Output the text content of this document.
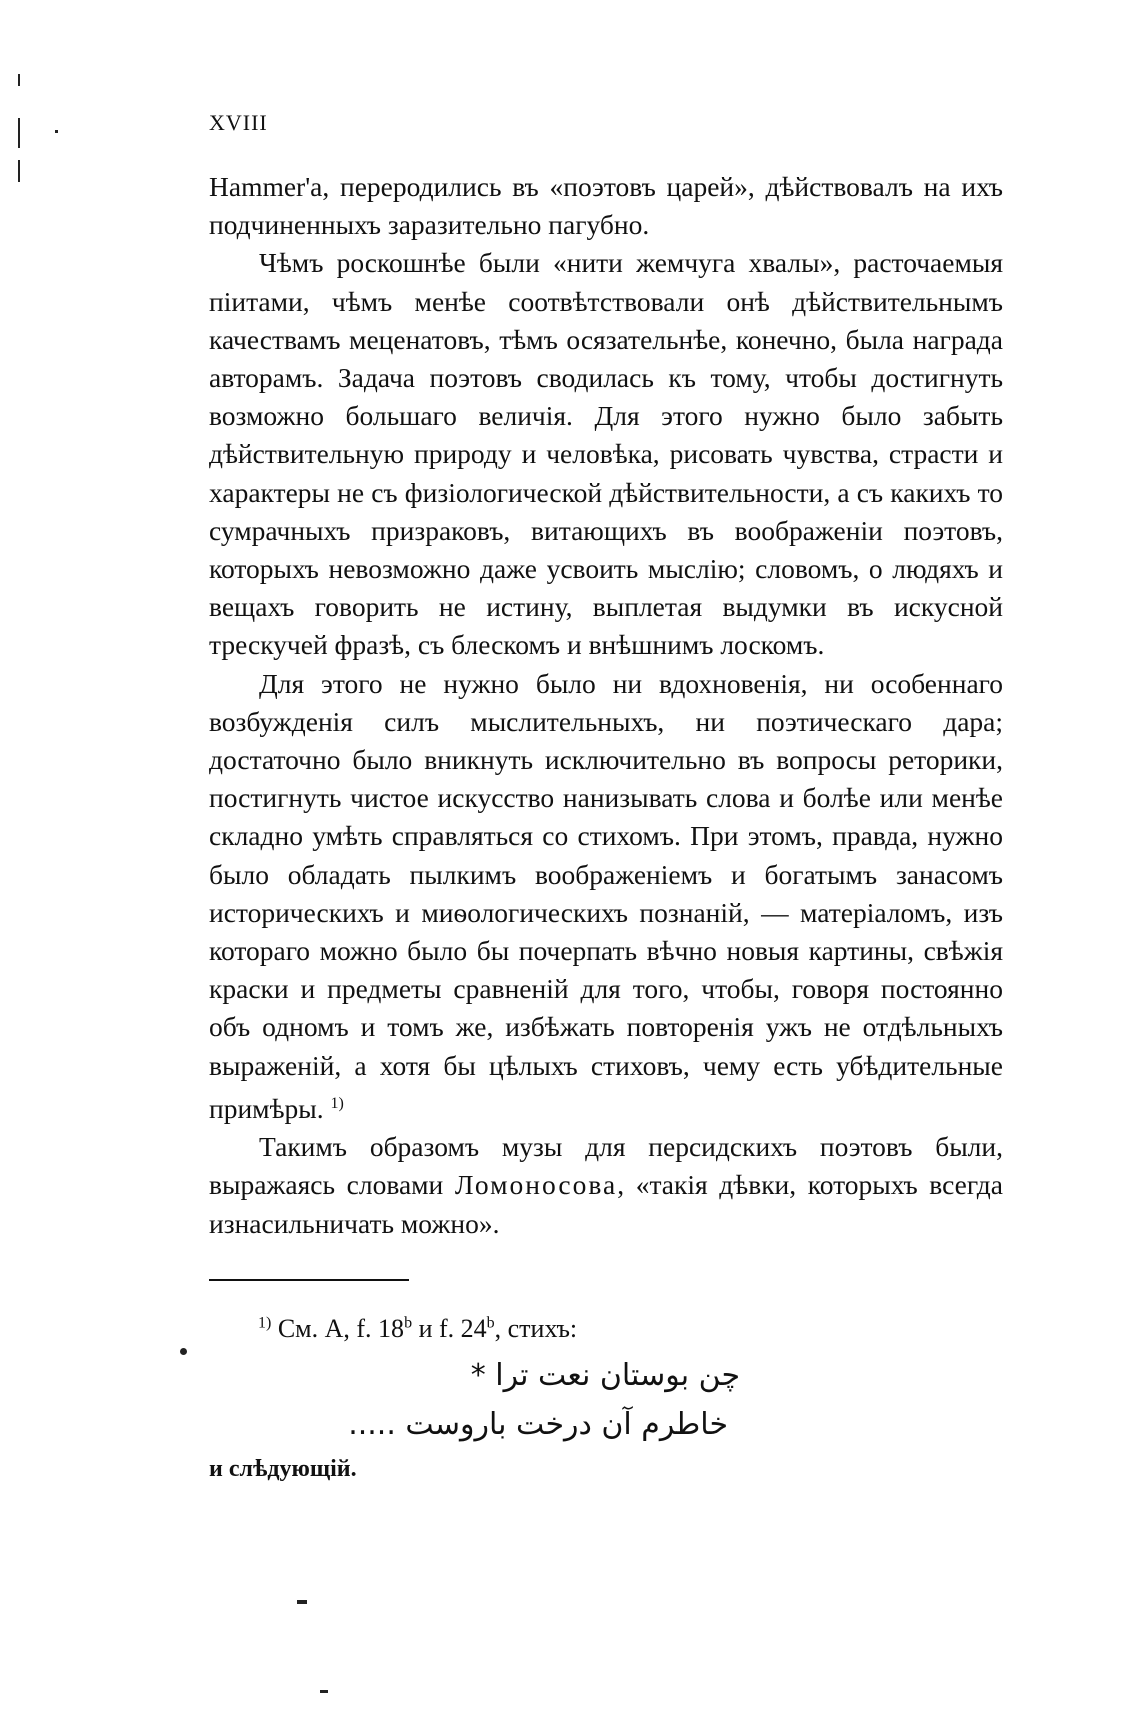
XVIII

Hammer'a, переродились въ «поэтовъ царей», дѣйствовалъ на ихъ подчиненныхъ заразительно пагубно.

Чѣмъ роскошнѣе были «нити жемчуга хвалы», расточаемыя піитами, чѣмъ менѣе соотвѣтствовали онѣ дѣйствительнымъ качествамъ меценатовъ, тѣмъ осязательнѣе, конечно, была награда авторамъ. Задача поэтовъ сводилась къ тому, чтобы достигнуть возможно большаго величія. Для этого нужно было забыть дѣйствительную природу и человѣка, рисовать чувства, страсти и характеры не съ физіологической дѣйствительности, а съ какихъ то сумрачныхъ призраковъ, витающихъ въ воображеніи поэтовъ, которыхъ невозможно даже усвоить мыслію; словомъ, о людяхъ и вещахъ говорить не истину, выплетая выдумки въ искусной трескучей фразѣ, съ блескомъ и внѣшнимъ лоскомъ.

Для этого не нужно было ни вдохновенія, ни особеннаго возбужденія силъ мыслительныхъ, ни поэтическаго дара; достаточно было вникнуть исключительно въ вопросы реторики, постигнуть чистое искусство нанизывать слова и болѣе или менѣе складно умѣть справляться со стихомъ. При этомъ, правда, нужно было обладать пылкимъ воображеніемъ и богатымъ занасомъ историческихъ и миѳологическихъ познаній, — матеріаломъ, изъ котораго можно было бы почерпать вѣчно новыя картины, свѣжія краски и предметы сравненій для того, чтобы, говоря постоянно объ одномъ и томъ же, избѣжать повторенія ужъ не отдѣльныхъ выраженій, а хотя бы цѣлыхъ стиховъ, чему есть убѣдительные примѣры. $^{1)}$

Такимъ образомъ музы для персидскихъ поэтовъ были, выражаясь словами Ломоносова, «такія дѣвки, которыхъ всегда изнасильничать можно».

$^{1)}$ См. A, f. 18$^b$ и f. 24$^b$, стихъ:
چن بوستان نعت ترا *
خاطرم آن درخت باروست .....
и слѣдующій.
